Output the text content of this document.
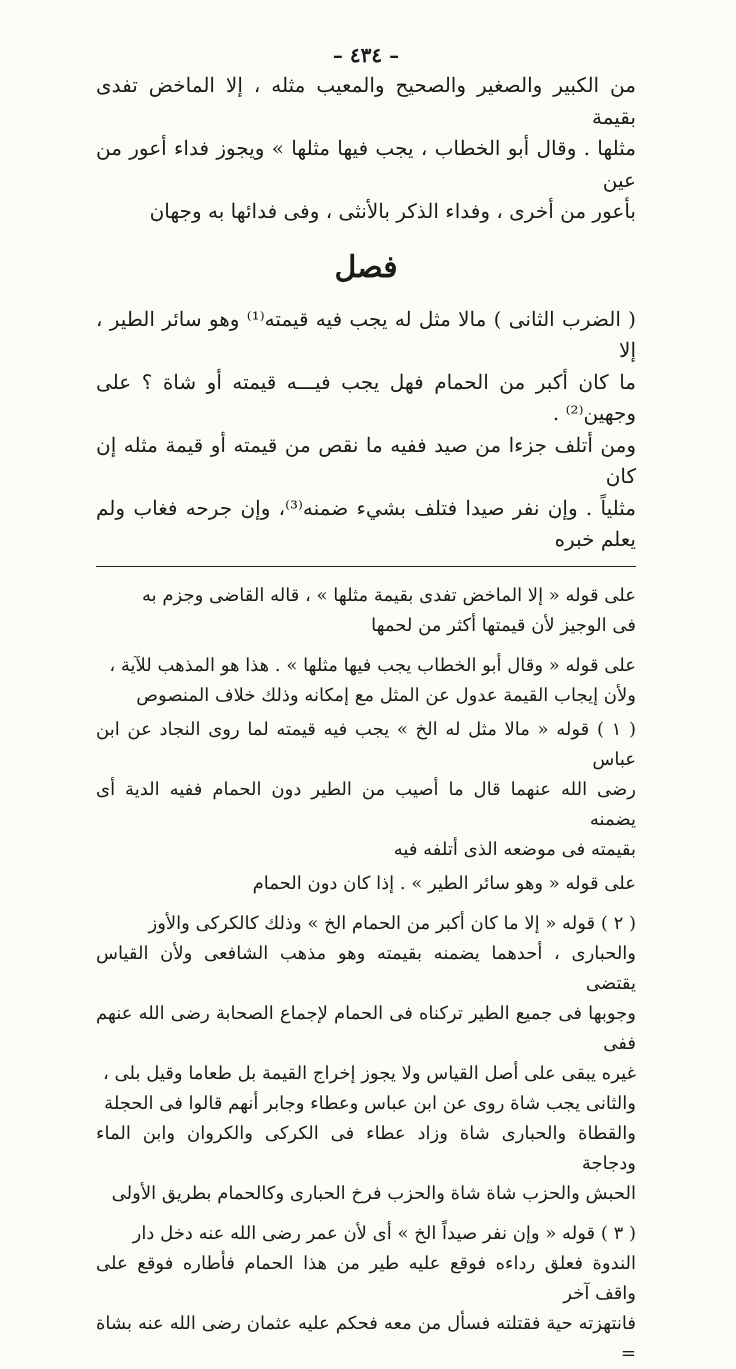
– ٤٣٤ –

من الكبير والصغير والصحيح والمعيب مثله ، إلا الماخض تفدى بقيمة

مثلها . وقال أبو الخطاب ، يجب فيها مثلها » ويجوز فداء أعور من عين

بأعور من أخرى ، وفداء الذكر بالأنثى ، وفى فدائها به وجهان

فصل

( الضرب الثانى ) مالا مثل له يجب فيه قيمته⁽¹⁾ وهو سائر الطير ، إلا

ما كان أكبر من الحمام فهل يجب فيـــه قيمته أو شاة ؟ على وجهين⁽²⁾ .

ومن أتلف جزءا من صيد ففيه ما نقص من قيمته أو قيمة مثله إن كان

مثلياً . وإن نفر صيدا فتلف بشيء ضمنه⁽³⁾، وإن جرحه فغاب ولم يعلم خبره

على قوله « إلا الماخض تفدى بقيمة مثلها » ، قاله القاضى وجزم به
فى الوجيز لأن قيمتها أكثر من لحمها
على قوله « وقال أبو الخطاب يجب فيها مثلها » . هذا هو المذهب للآية ،
ولأن إيجاب القيمة عدول عن المثل مع إمكانه وذلك خلاف المنصوص
( ١ ) قوله « مالا مثل له الخ » يجب فيه قيمته لما روى النجاد عن ابن عباس
رضى الله عنهما قال ما أصيب من الطير دون الحمام ففيه الدية أى يضمنه
بقيمته فى موضعه الذى أتلفه فيه
على قوله « وهو سائر الطير » . إذا كان دون الحمام
( ٢ ) قوله « إلا ما كان أكبر من الحمام الخ » وذلك كالكركى والأوز
والحبارى ، أحدهما يضمنه بقيمته وهو مذهب الشافعى ولأن القياس يقتضى
وجوبها فى جميع الطير تركناه فى الحمام لإجماع الصحابة رضى الله عنهم ففى
غيره يبقى على أصل القياس ولا يجوز إخراج القيمة بل طعاما وقيل بلى ،
والثانى يجب شاة روى عن ابن عباس وعطاء وجابر أنهم قالوا فى الحجلة
والقطاة والحبارى شاة وزاد عطاء فى الكركى والكروان وابن الماء ودجاجة
الحبش والحزب شاة شاة والحزب فرخ الحبارى وكالحمام بطريق الأولى
( ٣ ) قوله « وإن نفر صيداً الخ » أى لأن عمر رضى الله عنه دخل دار
الندوة فعلق رداءه فوقع عليه طير من هذا الحمام فأطاره فوقع على واقف آخر
فانتهزته حية فقتلته فسأل من معه فحكم عليه عثمان رضى الله عنه بشاة =
